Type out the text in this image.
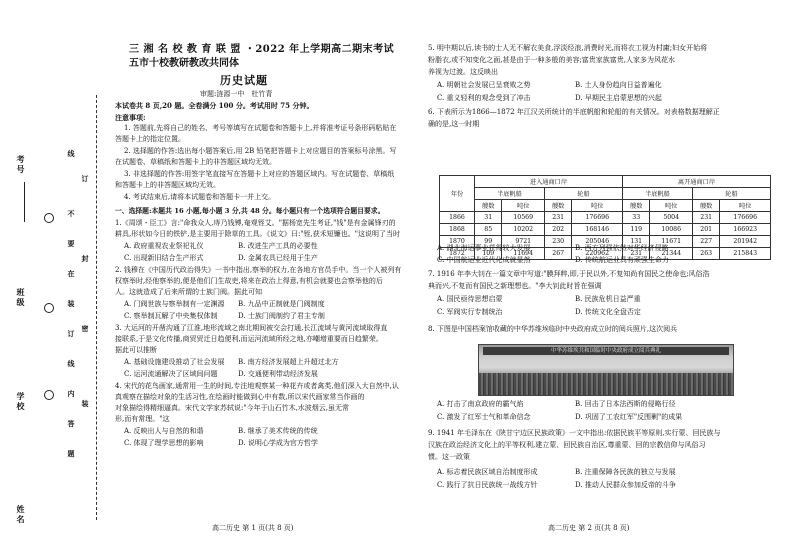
考号
班级
学校
姓名
线
不
要
在
装
订
线
内
答
题
订
封
密
装
三 湘 名 校 教 育 联 盟 ・2022 年上学期高二期末考试
五市十校教研教改共同体
历史试题
审题:涟源一中　杜竹青
本试卷共 8 页,20 题。全卷满分 100 分。考试用时 75 分钟。
注意事项:
1. 答题前,先将自己的姓名、考号等填写在试题卷和答题卡上,并将准考证号条形码粘贴在
答题卡上的指定位置。
2. 选择题的作答:选出每小题答案后,用 2B 铅笔把答题卡上对应题目的答案标号涂黑。写
在试题卷、草稿纸和答题卡上的非答题区域均无效。
3. 非选择题的作答:用签字笔直接写在答题卡上对应的答题区域内。写在试题卷、草稿纸
和答题卡上的非答题区域均无效。
4. 考试结束后,请将本试题卷和答题卡一并上交。
一、选择题:本题共 16 小题,每小题 3 分,共 48 分。每小题只有一个选项符合题目要求。
1.《周颂・臣工》言:"命我众人,庤乃钱镈,奄观铚艾。"据杨宽先生考证,"钱"是有金属锋刃的
耕具,形状如今日的铁铲,是主要用于除草的工具。《说文》曰:"铚,获禾短镰也。"这说明了当时
A. 政府重视农业祭祀礼仪	B. 改进生产工具的必要性
C. 出现新旧结合生产形式	D. 金属农具已经用于生产
2. 钱穆在《中国历代政治得失》一书中指出,察举的权力,在各地方官员手中。当一个人被列有
权察举时,经他察举的,便是他们门生故吏,将来在政治上得意,有机会就要也会察举他的后
人。这就造成了后来所谓的士族门阀。据此可知
A. 门阀世族与察举制有一定渊源 B. 九品中正制就是门阀制度
C. 察举制瓦解了中央集权体制	D. 士族门阀制约了君主专制
3. 大运河的开凿沟通了江淮,地形流域之南北期间被交会打通,长江流域与黄河流域取得直
接联系,于是文化传播,商贸贸迁日趋便利,而运河流域所经之地,亦嘲增重要而日趋繁荣。
据此可以推断
A. 基础设施建设推动了社会发展 B. 南方经济发展超上升超过北方
C. 运河流通解决了区域间问题	D. 交通便利带动经济发展
4. 宋代的花鸟画家,通常用一生的时间,专注地观察某一种花卉或者禽类,他们深入大自然中,认
真观察在描绘对象的生活习性,在绘画时能做到心中有数,所以宋代画家常当作画的
对象描绘得精细逼真。宋代文学家苏轼说:"今年于山石竹木,水波烟云,虽无常
形,而有常理。"这
A. 反映出人与自然的和谐	B. 继承了美术传统的传统
C. 体现了理学思想的影响	D. 说明心学成为官方哲学
高二历史 第 1 页(共 8 页)
5. 明中期以后,读书的士人无不解衣美食,浮淡经浪,消费时光,而将衣工视为村庸;妇女开始将
粉脂衣,或不知变化之面,甚是由于一种多般的美容;富贵家族富贵,人家多为风花水
养视为过渡。这反映出
A. 明朝社会发展已呈衰败之势	B. 土人身份趋向日益普遍化
C. 重义轻利的观念受到了冲击	D. 早期民主启蒙思想的兴起
6. 下表所示为1866—1872 年江汉关所统计的半底帆船和轮船的有关情况。对表格数据理解正
确的是,这一时期
年份	进入通商口岸				离开通商口岸			
	半底帆船		轮船		半底帆船		轮船	
	艘数	吨位	艘数	吨位	艘数	吨位	艘数	吨位
1866	31	10569	231	176696	33	5004	231	176696
1868	85	10202	202	168146	119	10086	201	166923
1870	99	9721	230	205046	131	11671	227	201942
1872	109	11694	267	220962	231	21344	263	215843
A. 湖北海运事业获得较大发展	B. 西方列强依然对华经济侵略
C. 中国航运业近代化成就显然	D. 传统航运业具有顽强生命力
7. 1916 年李大钊在一篇文章中写道:"膜拜粹,即,于民以外,不复知尚有国民之使命也;风俗浩
典而兴,不复而有国民之新理想也。"李大钊此时旨在强调
A. 国民亟待思想启蒙	B. 民族危机日益严重
C. 军阀实行专制统治	D. 传统文化全盘否定
8. 下图是中国档案馆收藏的中华苏维埃临时中央政府成立时的阅兵照片,这次阅兵
中华苏维埃共和国临时中央政府成立阅兵典礼
A. 打击了南京政府的霸气焰	B. 回击了日本法西斯的侵略行径
C. 激发了红军士气和革命信念	D. 巩固了工农红军"反围剿"的成果
9. 1941 年毛泽东在《陕甘宁边区民族政策》一文中指出:依据民族平等原则,实行蒙、回民族与
汉族在政治经济文化上的平等权利,建立蒙、回民族自治区,尊重蒙、回的宗教信仰与风俗习
惯。这一政策
A. 标志着民族区域自治制度形成	B. 注重保障各民族的独立与发展
C. 践行了抗日民族统一战线方针	D. 推动人民群众参加反帝的斗争
高二历史 第 2 页(共 8 页)
